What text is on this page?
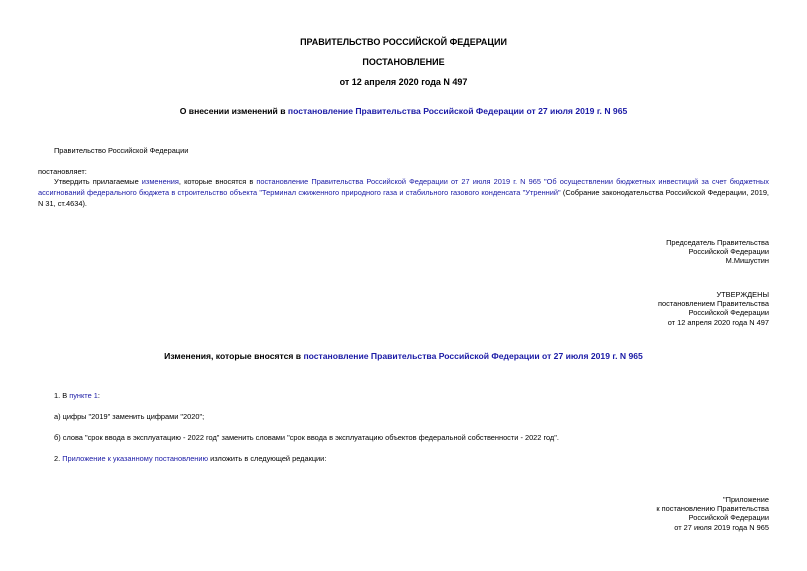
ПРАВИТЕЛЬСТВО РОССИЙСКОЙ ФЕДЕРАЦИИ
ПОСТАНОВЛЕНИЕ
от 12 апреля 2020 года N 497
О внесении изменений в постановление Правительства Российской Федерации от 27 июля 2019 г. N 965
Правительство Российской Федерации
постановляет:
Утвердить прилагаемые изменения, которые вносятся в постановление Правительства Российской Федерации от 27 июля 2019 г. N 965 "Об осуществлении бюджетных инвестиций за счет бюджетных ассигнований федерального бюджета в строительство объекта "Терминал сжиженного природного газа и стабильного газового конденсата "Утренний" (Собрание законодательства Российской Федерации, 2019, N 31, ст.4634).
Председатель Правительства
Российской Федерации
М.Мишустин
УТВЕРЖДЕНЫ
постановлением Правительства
Российской Федерации
от 12 апреля 2020 года N 497
Изменения, которые вносятся в постановление Правительства Российской Федерации от 27 июля 2019 г. N 965
1. В пункте 1:
а) цифры "2019" заменить цифрами "2020";
б) слова "срок ввода в эксплуатацию - 2022 год" заменить словами "срок ввода в эксплуатацию объектов федеральной собственности - 2022 год".
2. Приложение к указанному постановлению изложить в следующей редакции:
"Приложение
к постановлению Правительства
Российской Федерации
от 27 июля 2019 года N 965
